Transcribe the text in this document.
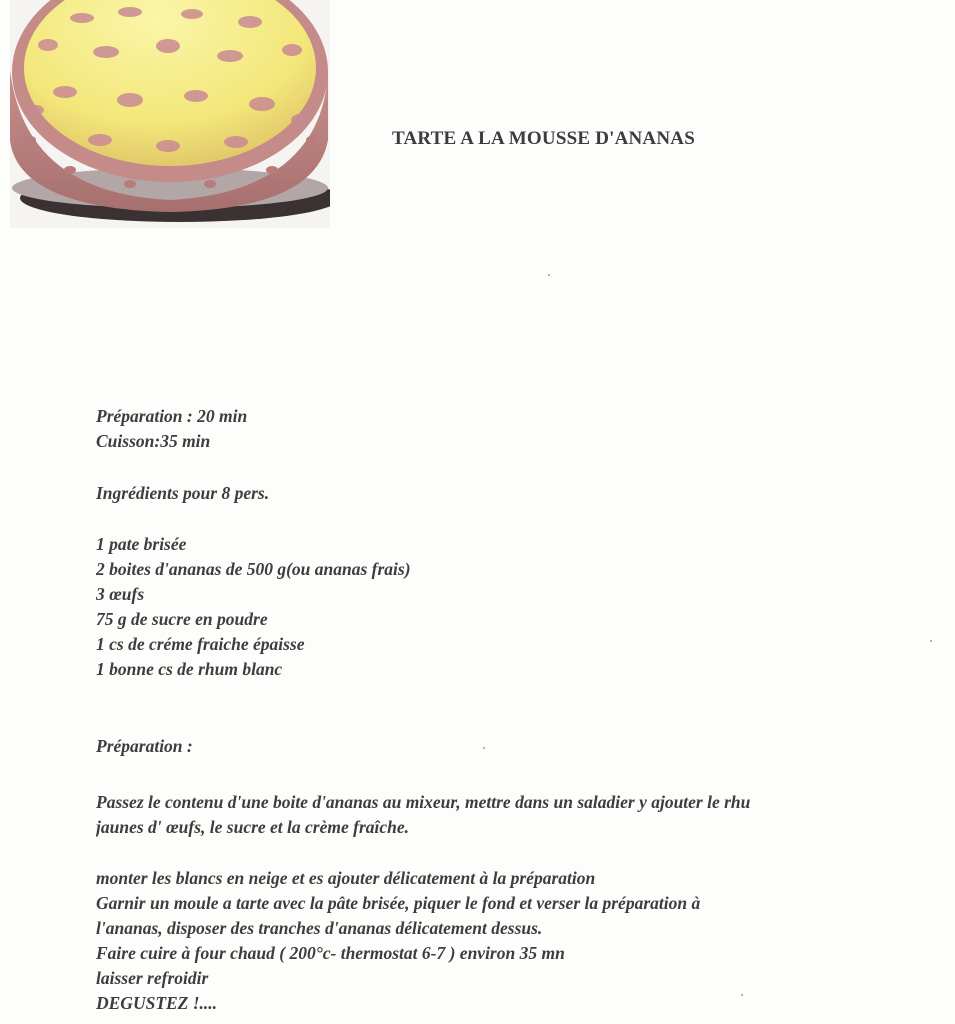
TARTE A LA MOUSSE D'ANANAS
Préparation : 20 min
Cuisson:35 min
Ingrédients pour 8 pers.
1 pate brisée
2 boites d'ananas de 500 g(ou ananas frais)
3 œufs
75 g de sucre en poudre
1 cs de créme fraiche épaisse
1 bonne cs de rhum blanc
Préparation :
Passez le contenu d'une boite d'ananas au mixeur, mettre dans un saladier y ajouter le rhu
jaunes d' œufs, le sucre et la crème fraîche.
monter les blancs en neige et es ajouter délicatement à la préparation
Garnir un moule a tarte avec la pâte brisée, piquer le fond et verser la préparation à
l'ananas, disposer des tranches d'ananas délicatement dessus.
Faire cuire à four chaud ( 200°c- thermostat 6-7 ) environ 35 mn
laisser refroidir
DEGUSTEZ !....
